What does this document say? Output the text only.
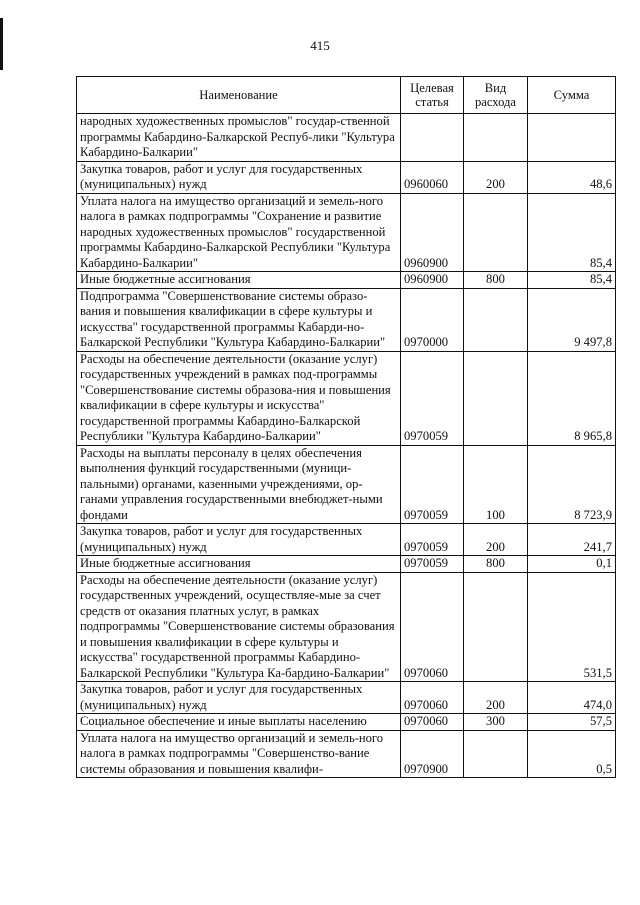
415
Наименование	Целевая статья	Вид расхода	Сумма
народных художественных промыслов" государ-ственной программы Кабардино-Балкарской Респуб-лики "Культура Кабардино-Балкарии"			
Закупка товаров, работ и услуг для государственных (муниципальных) нужд	0960060	200	48,6
Уплата налога на имущество организаций и земель-ного налога в рамках подпрограммы "Сохранение и развитие народных художественных промыслов" государственной программы Кабардино-Балкарской Республики "Культура Кабардино-Балкарии"	0960900		85,4
Иные бюджетные ассигнования	0960900	800	85,4
Подпрограмма "Совершенствование системы образо-вания и повышения квалификации в сфере культуры и искусства" государственной программы Кабарди-но-Балкарской Республики "Культура Кабардино-Балкарии"	0970000		9 497,8
Расходы на обеспечение деятельности (оказание услуг) государственных учреждений в рамках под-программы "Совершенствование системы образова-ния и повышения квалификации в сфере культуры и искусства" государственной программы Кабардино-Балкарской Республики "Культура Кабардино-Балкарии"	0970059		8 965,8
Расходы на выплаты персоналу в целях обеспечения выполнения функций государственными (муници-пальными) органами, казенными учреждениями, ор-ганами управления государственными внебюджет-ными фондами	0970059	100	8 723,9
Закупка товаров, работ и услуг для государственных (муниципальных) нужд	0970059	200	241,7
Иные бюджетные ассигнования	0970059	800	0,1
Расходы на обеспечение деятельности (оказание услуг) государственных учреждений, осуществляе-мые за счет средств от оказания платных услуг, в рамках подпрограммы "Совершенствование системы образования и повышения квалификации в сфере культуры и искусства" государственной программы Кабардино-Балкарской Республики "Культура Ка-бардино-Балкарии"	0970060		531,5
Закупка товаров, работ и услуг для государственных (муниципальных) нужд	0970060	200	474,0
Социальное обеспечение и иные выплаты населению	0970060	300	57,5
Уплата налога на имущество организаций и земель-ного налога в рамках подпрограммы "Совершенство-вание системы образования и повышения квалифи-	0970900		0,5
